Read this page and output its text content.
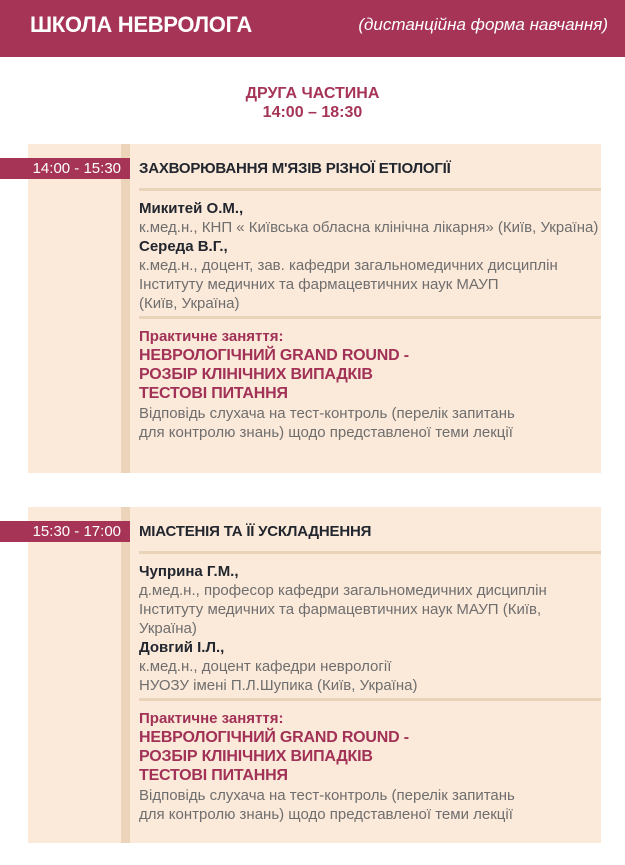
ШКОЛА НЕВРОЛОГА	(дистанційна форма навчання)
ДРУГА ЧАСТИНА
14:00 – 18:30
ЗАХВОРЮВАННЯ М'ЯЗІВ РІЗНОЇ ЕТІОЛОГІЇ
Микитей О.М.,
к.мед.н., КНП « Київська обласна клінічна лікарня» (Київ, Україна)
Середа В.Г.,
к.мед.н., доцент, зав. кафедри загальномедичних дисциплін
Інституту медичних та фармацевтичних наук МАУП
(Київ, Україна)
Практичне заняття:
НЕВРОЛОГІЧНИЙ GRAND ROUND -
РОЗБІР КЛІНІЧНИХ ВИПАДКІВ
ТЕСТОВІ ПИТАННЯ
Відповідь слухача на тест-контроль (перелік запитань
для контролю знань) щодо представленої теми лекції
14:00 - 15:30
МІАСТЕНІЯ ТА ЇЇ УСКЛАДНЕННЯ
Чуприна Г.М.,
д.мед.н., професор кафедри загальномедичних дисциплін
Інституту медичних та фармацевтичних наук МАУП (Київ, Україна)
Довгий І.Л.,
к.мед.н., доцент кафедри неврології
НУОЗУ імені П.Л.Шупика (Київ, Україна)
Практичне заняття:
НЕВРОЛОГІЧНИЙ GRAND ROUND -
РОЗБІР КЛІНІЧНИХ ВИПАДКІВ
ТЕСТОВІ ПИТАННЯ
Відповідь слухача на тест-контроль (перелік запитань
для контролю знань) щодо представленої теми лекції
15:30 - 17:00
